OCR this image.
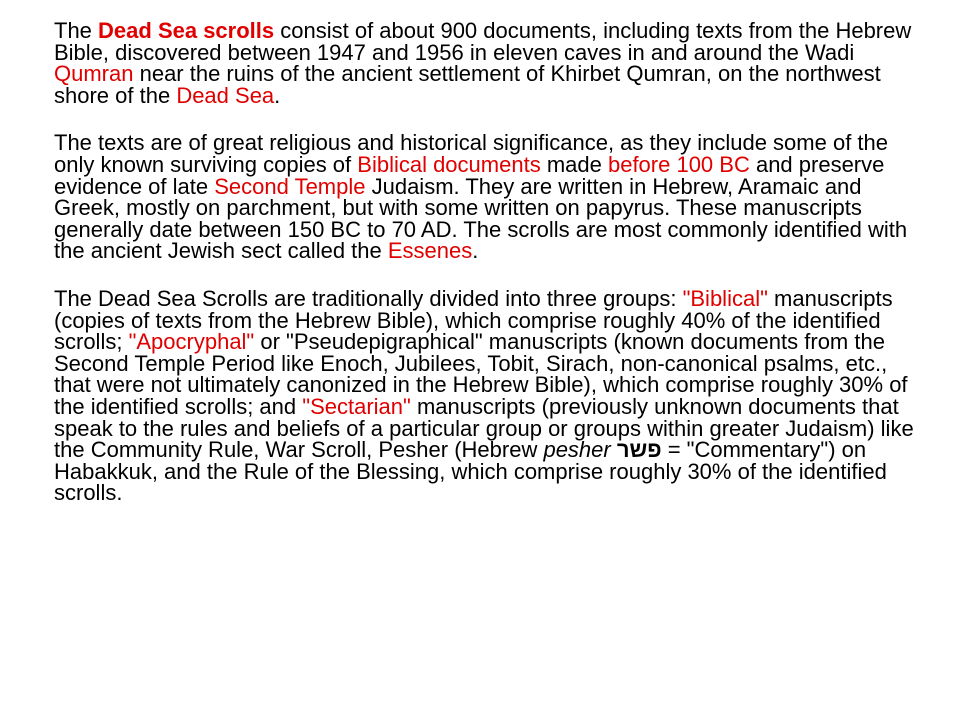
The Dead Sea scrolls consist of about 900 documents, including texts from the Hebrew Bible, discovered between 1947 and 1956 in eleven caves in and around the Wadi Qumran near the ruins of the ancient settlement of Khirbet Qumran, on the northwest shore of the Dead Sea.

The texts are of great religious and historical significance, as they include some of the only known surviving copies of Biblical documents made before 100 BC and preserve evidence of late Second Temple Judaism. They are written in Hebrew, Aramaic and Greek, mostly on parchment, but with some written on papyrus. These manuscripts generally date between 150 BC to 70 AD. The scrolls are most commonly identified with the ancient Jewish sect called the Essenes.

The Dead Sea Scrolls are traditionally divided into three groups: "Biblical" manuscripts (copies of texts from the Hebrew Bible), which comprise roughly 40% of the identified scrolls; "Apocryphal" or "Pseudepigraphical" manuscripts (known documents from the Second Temple Period like Enoch, Jubilees, Tobit, Sirach, non-canonical psalms, etc., that were not ultimately canonized in the Hebrew Bible), which comprise roughly 30% of the identified scrolls; and "Sectarian" manuscripts (previously unknown documents that speak to the rules and beliefs of a particular group or groups within greater Judaism) like the Community Rule, War Scroll, Pesher (Hebrew pesher פשר = "Commentary") on Habakkuk, and the Rule of the Blessing, which comprise roughly 30% of the identified scrolls.
